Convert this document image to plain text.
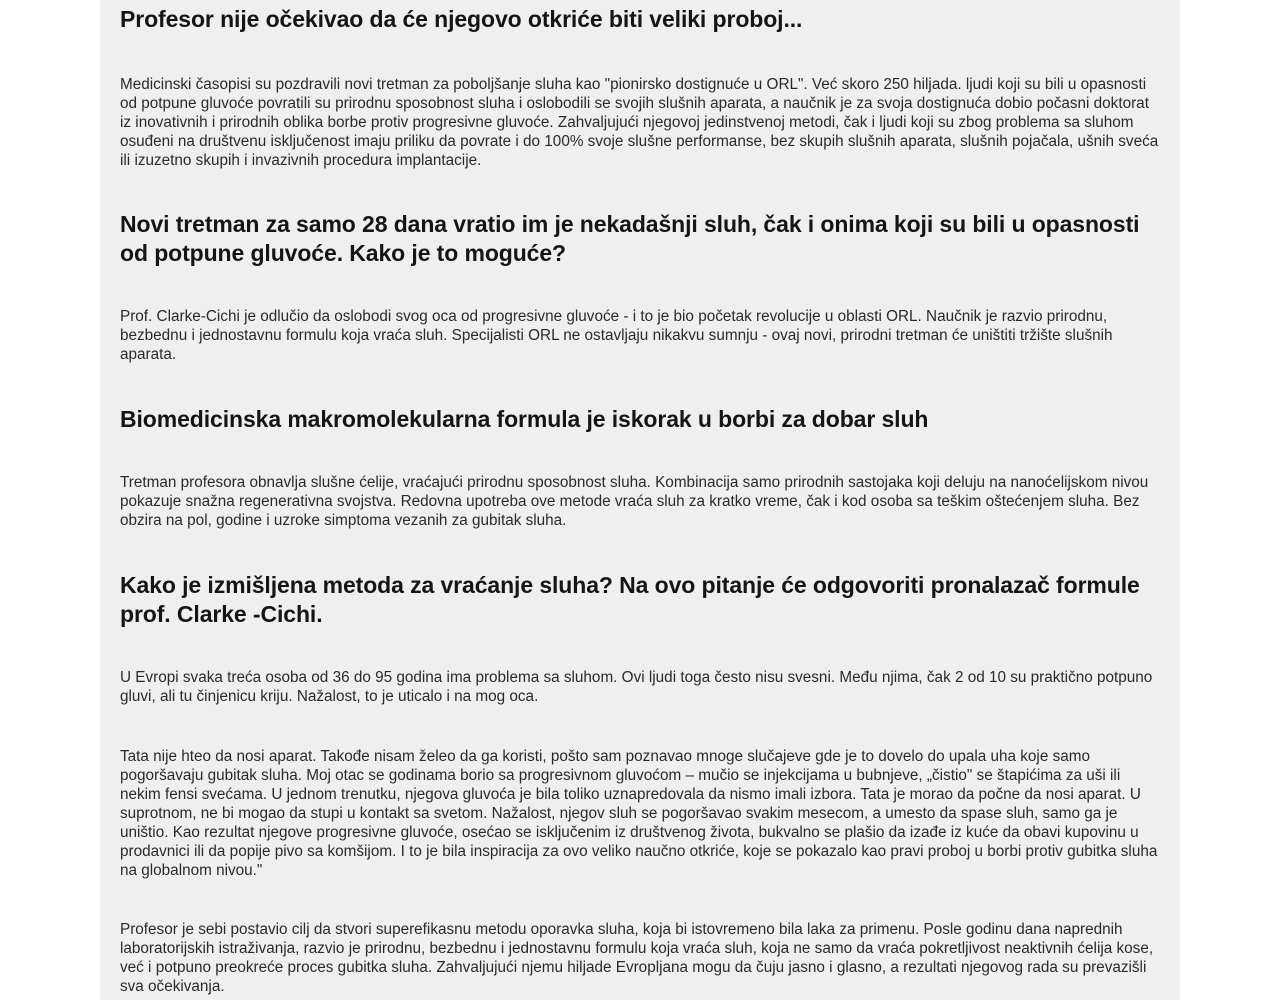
Profesor nije očekivao da će njegovo otkriće biti veliki proboj...

Medicinski časopisi su pozdravili novi tretman za poboljšanje sluha kao "pionirsko dostignuće u ORL". Već skoro 250 hiljada. ljudi koji su bili u opasnosti od potpune gluvoće povratili su prirodnu sposobnost sluha i oslobodili se svojih slušnih aparata, a naučnik je za svoja dostignuća dobio počasni doktorat iz inovativnih i prirodnih oblika borbe protiv progresivne gluvoće. Zahvaljujući njegovoj jedinstvenoj metodi, čak i ljudi koji su zbog problema sa sluhom osuđeni na društvenu isključenost imaju priliku da povrate i do 100% svoje slušne performanse, bez skupih slušnih aparata, slušnih pojačala, ušnih sveća ili izuzetno skupih i invazivnih procedura implantacije.

Novi tretman za samo 28 dana vratio im je nekadašnji sluh, čak i onima koji su bili u opasnosti od potpune gluvoće. Kako je to moguće?

Prof. Clarke-Cichi je odlučio da oslobodi svog oca od progresivne gluvoće - i to je bio početak revolucije u oblasti ORL. Naučnik je razvio prirodnu, bezbednu i jednostavnu formulu koja vraća sluh. Specijalisti ORL ne ostavljaju nikakvu sumnju - ovaj novi, prirodni tretman će uništiti tržište slušnih aparata.

Biomedicinska makromolekularna formula je iskorak u borbi za dobar sluh

Tretman profesora obnavlja slušne ćelije, vraćajući prirodnu sposobnost sluha. Kombinacija samo prirodnih sastojaka koji deluju na nanoćelijskom nivou pokazuje snažna regenerativna svojstva. Redovna upotreba ove metode vraća sluh za kratko vreme, čak i kod osoba sa teškim oštećenjem sluha. Bez obzira na pol, godine i uzroke simptoma vezanih za gubitak sluha.

Kako je izmišljena metoda za vraćanje sluha? Na ovo pitanje će odgovoriti pronalazač formule prof. Clarke -Cichi.

U Evropi svaka treća osoba od 36 do 95 godina ima problema sa sluhom. Ovi ljudi toga često nisu svesni. Među njima, čak 2 od 10 su praktično potpuno gluvi, ali tu činjenicu kriju. Nažalost, to je uticalo i na mog oca.

Tata nije hteo da nosi aparat. Takođe nisam želeo da ga koristi, pošto sam poznavao mnoge slučajeve gde je to dovelo do upala uha koje samo pogoršavaju gubitak sluha. Moj otac se godinama borio sa progresivnom gluvoćom – mučio se injekcijama u bubnjeve, „čistio" se štapićima za uši ili nekim fensi svećama. U jednom trenutku, njegova gluvoća je bila toliko uznapredovala da nismo imali izbora. Tata je morao da počne da nosi aparat. U suprotnom, ne bi mogao da stupi u kontakt sa svetom. Nažalost, njegov sluh se pogoršavao svakim mesecom, a umesto da spase sluh, samo ga je uništio. Kao rezultat njegove progresivne gluvoće, osećao se isključenim iz društvenog života, bukvalno se plašio da izađe iz kuće da obavi kupovinu u prodavnici ili da popije pivo sa komšijom. I to je bila inspiracija za ovo veliko naučno otkriće, koje se pokazalo kao pravi proboj u borbi protiv gubitka sluha na globalnom nivou."

Profesor je sebi postavio cilj da stvori superefikasnu metodu oporavka sluha, koja bi istovremeno bila laka za primenu. Posle godinu dana naprednih laboratorijskih istraživanja, razvio je prirodnu, bezbednu i jednostavnu formulu koja vraća sluh, koja ne samo da vraća pokretljivost neaktivnih ćelija kose, već i potpuno preokreće proces gubitka sluha. Zahvaljujući njemu hiljade Evropljana mogu da čuju jasno i glasno, a rezultati njegovog rada su prevazišli sva očekivanja.
